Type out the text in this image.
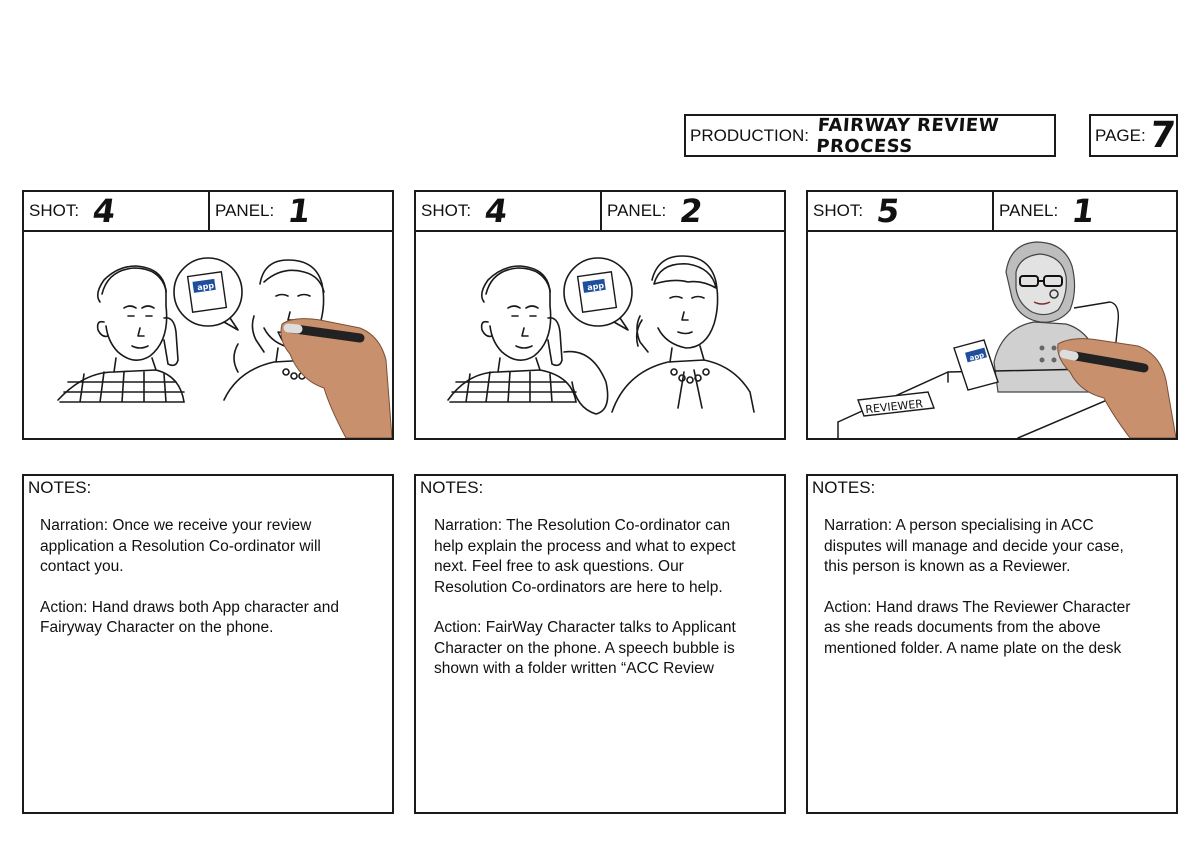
PRODUCTION: FAIRWAY REVIEW PROCESS
PAGE: 7
SHOT: 4	PANEL: 1
app
NOTES:

Narration: Once we receive your review application a Resolution Co-ordinator will contact you.

Action: Hand draws both App character and Fairyway Character on the phone.

SHOT: 4	PANEL: 2
app
NOTES:

Narration: The Resolution Co-ordinator can help explain the process and what to expect next. Feel free to ask questions. Our Resolution Co-ordinators are here to help.

Action: FairWay Character talks to Applicant Character on the phone. A speech bubble is shown with a folder written “ACC Review

SHOT: 5	PANEL: 1
app
REVIEWER
NOTES:

Narration: A person specialising in ACC disputes will manage and decide your case, this person is known as a Reviewer.

Action: Hand draws The Reviewer Character as she reads documents from the above mentioned folder. A name plate on the desk
